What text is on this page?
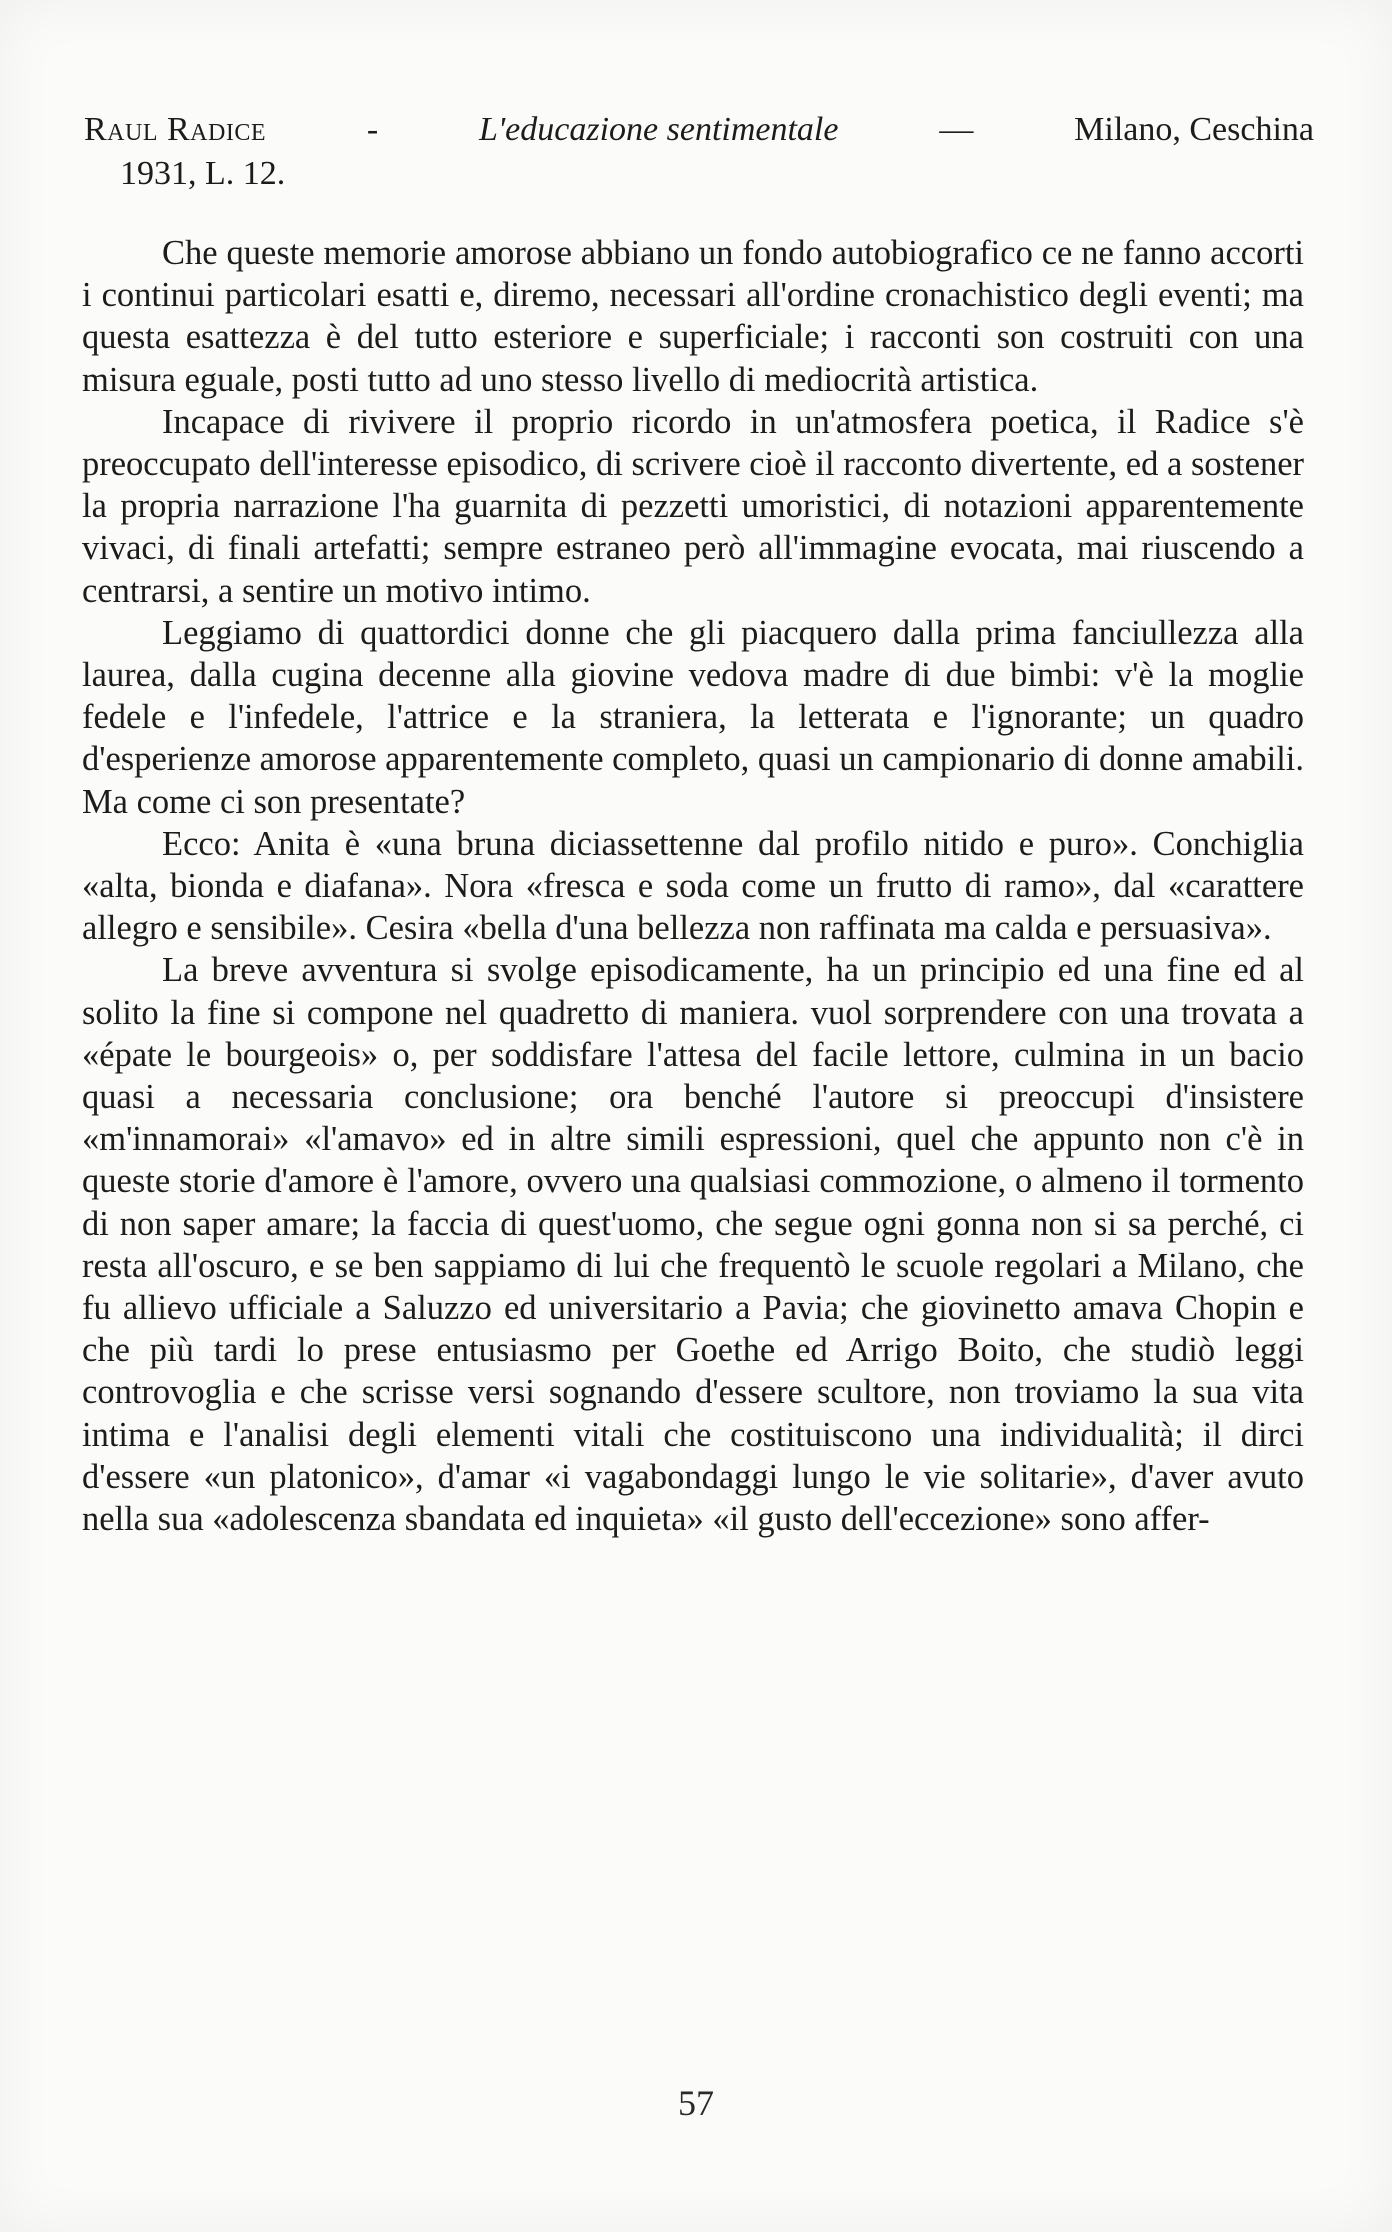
Raul Radice	-	L'educazione sentimentale	—	Milano, Ceschina
1931, L. 12.

Che queste memorie amorose abbiano un fondo autobiografico ce ne fanno accorti i continui particolari esatti e, diremo, necessari all'ordine cronachistico degli eventi; ma questa esattezza è del tutto esteriore e superficiale; i racconti son costruiti con una misura eguale, posti tutto ad uno stesso livello di mediocrità artistica.

Incapace di rivivere il proprio ricordo in un'atmosfera poetica, il Radice s'è preoccupato dell'interesse episodico, di scrivere cioè il racconto divertente, ed a sostener la propria narrazione l'ha guarnita di pezzetti umoristici, di notazioni apparentemente vivaci, di finali artefatti; sempre estraneo però all'immagine evocata, mai riuscendo a centrarsi, a sentire un motivo intimo.

Leggiamo di quattordici donne che gli piacquero dalla prima fanciullezza alla laurea, dalla cugina decenne alla giovine vedova madre di due bimbi: v'è la moglie fedele e l'infedele, l'attrice e la straniera, la letterata e l'ignorante; un quadro d'esperienze amorose apparentemente completo, quasi un campionario di donne amabili. Ma come ci son presentate?

Ecco: Anita è «una bruna diciassettenne dal profilo nitido e puro». Conchiglia «alta, bionda e diafana». Nora «fresca e soda come un frutto di ramo», dal «carattere allegro e sensibile». Cesira «bella d'una bellezza non raffinata ma calda e persuasiva».

La breve avventura si svolge episodicamente, ha un principio ed una fine ed al solito la fine si compone nel quadretto di maniera. vuol sorprendere con una trovata a «épate le bourgeois» o, per soddisfare l'attesa del facile lettore, culmina in un bacio quasi a necessaria conclusione; ora benché l'autore si preoccupi d'insistere «m'innamorai» «l'amavo» ed in altre simili espressioni, quel che appunto non c'è in queste storie d'amore è l'amore, ovvero una qualsiasi commozione, o almeno il tormento di non saper amare; la faccia di quest'uomo, che segue ogni gonna non si sa perché, ci resta all'oscuro, e se ben sappiamo di lui che frequentò le scuole regolari a Milano, che fu allievo ufficiale a Saluzzo ed universitario a Pavia; che giovinetto amava Chopin e che più tardi lo prese entusiasmo per Goethe ed Arrigo Boito, che studiò leggi controvoglia e che scrisse versi sognando d'essere scultore, non troviamo la sua vita intima e l'analisi degli elementi vitali che costituiscono una individualità; il dirci d'essere «un platonico», d'amar «i vagabondaggi lungo le vie solitarie», d'aver avuto nella sua «adolescenza sbandata ed inquieta» «il gusto dell'eccezione» sono affer-

57
